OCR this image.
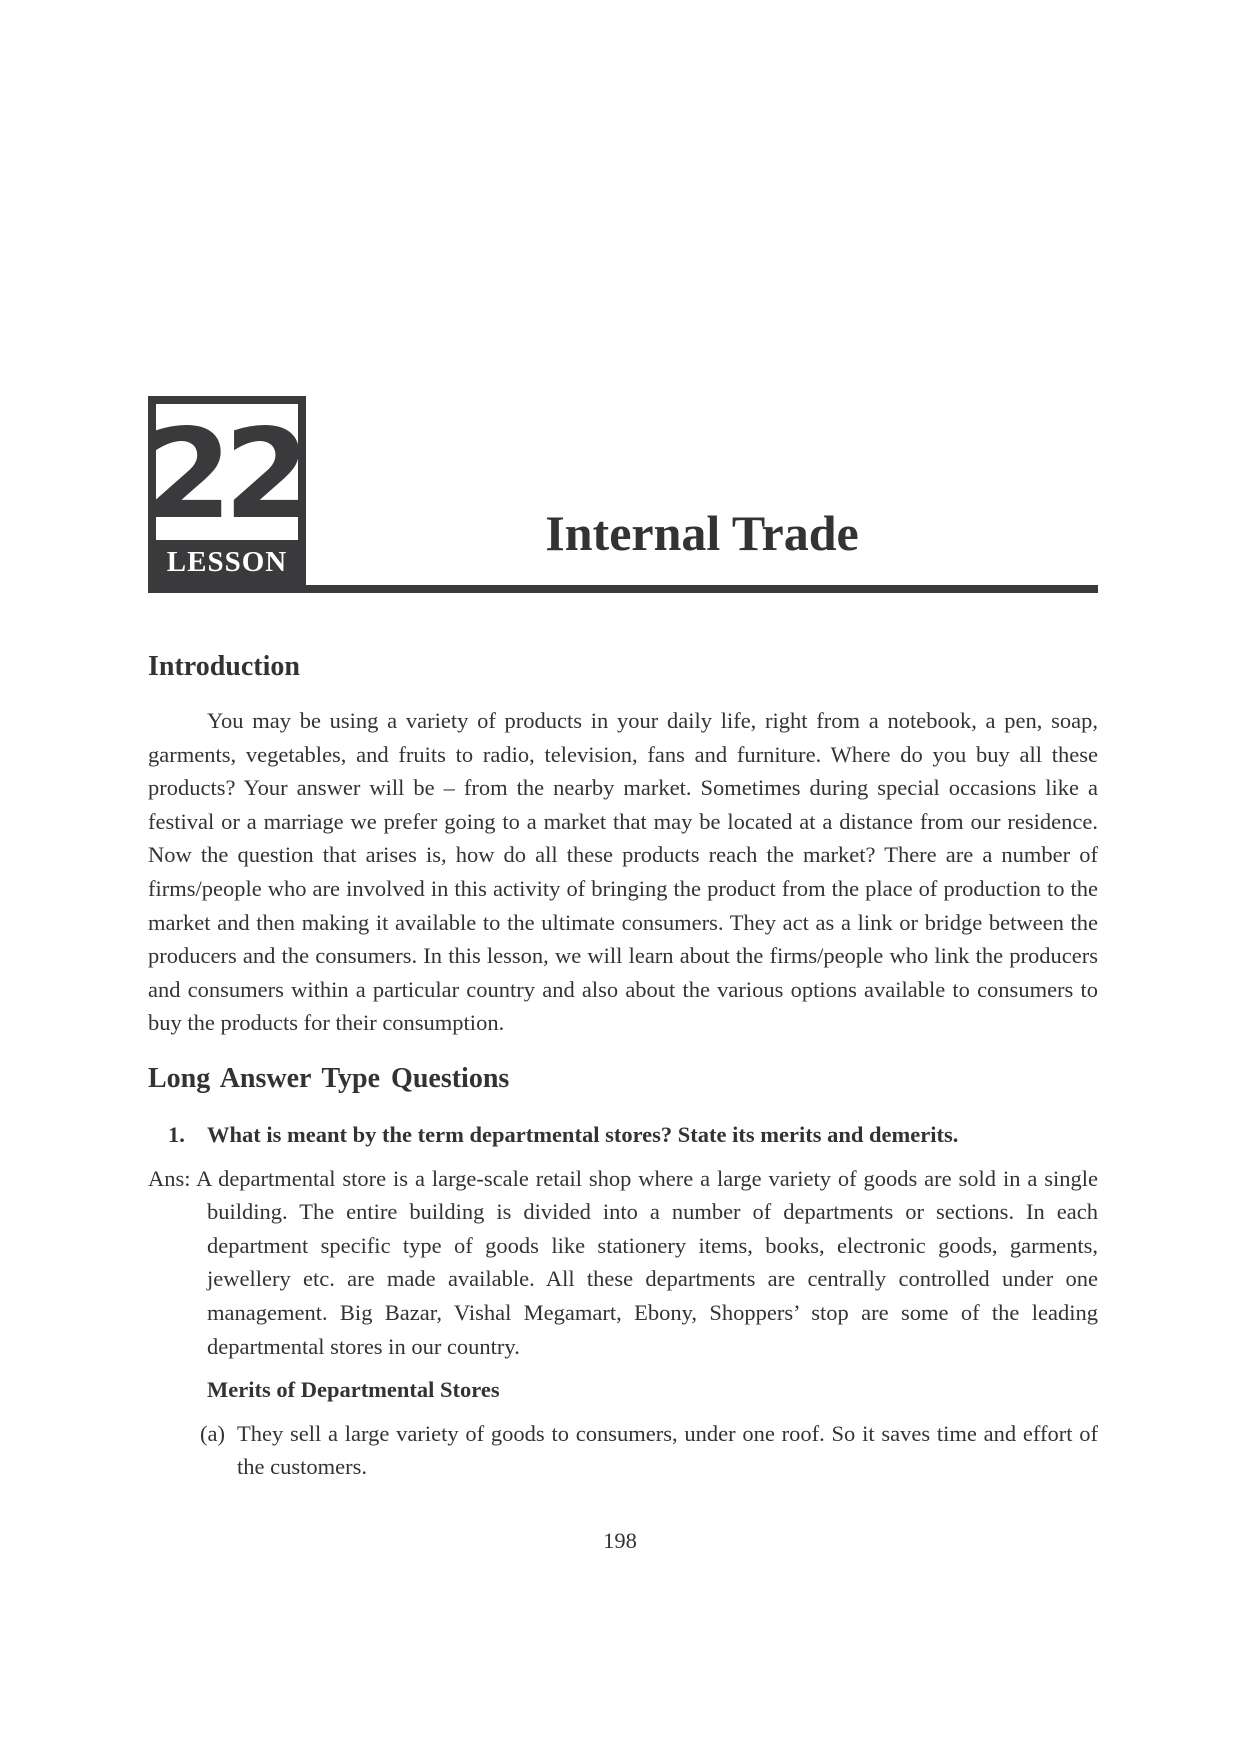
22
LESSON
Internal Trade
Introduction

You may be using a variety of products in your daily life, right from a notebook, a pen, soap, garments, vegetables, and fruits to radio, television, fans and furniture. Where do you buy all these products? Your answer will be – from the nearby market. Sometimes during special occasions like a festival or a marriage we prefer going to a market that may be located at a distance from our residence. Now the question that arises is, how do all these products reach the market? There are a number of firms/people who are involved in this activity of bringing the product from the place of production to the market and then making it available to the ultimate consumers. They act as a link or bridge between the producers and the consumers. In this lesson, we will learn about the firms/people who link the producers and consumers within a particular country and also about the various options available to consumers to buy the products for their consumption.

Long Answer Type Questions
1. What is meant by the term departmental stores? State its merits and demerits.

Ans: A departmental store is a large-scale retail shop where a large variety of goods are sold in a single building. The entire building is divided into a number of departments or sections. In each department specific type of goods like stationery items, books, electronic goods, garments, jewellery etc. are made available. All these departments are centrally controlled under one management. Big Bazar, Vishal Megamart, Ebony, Shoppers’ stop are some of the leading departmental stores in our country.

Merits of Departmental Stores
(a) They sell a large variety of goods to consumers, under one roof. So it saves time and effort of the customers.

198
